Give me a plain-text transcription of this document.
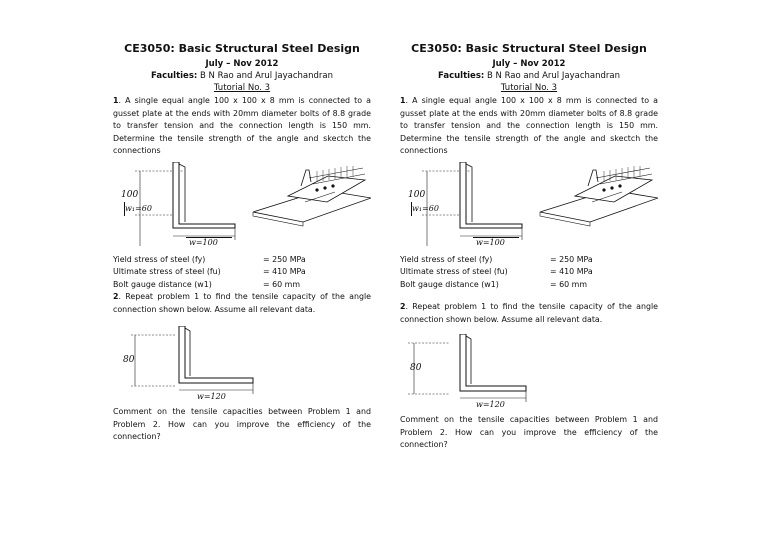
CE3050: Basic Structural Steel Design
July – Nov 2012
Faculties: B N Rao and Arul Jayachandran
Tutorial No. 3

1. A single equal angle 100 x 100 x 8 mm is connected to a gusset plate at the ends with 20mm diameter bolts of 8.8 grade to transfer tension and the connection length is 150 mm. Determine the tensile strength of the angle and skectch the connections

100
w₁=60
w=100
Yield stress of steel (fy)	= 250 MPa
Ultimate stress of steel (fu)	= 410 MPa
Bolt gauge distance (w1)	= 60 mm

2. Repeat problem 1 to find the tensile capacity of the angle connection shown below. Assume all relevant data.

80
w=120

Comment on the tensile capacities between Problem 1 and Problem 2. How can you improve the efficiency of the connection?

CE3050: Basic Structural Steel Design
July – Nov 2012
Faculties: B N Rao and Arul Jayachandran
Tutorial No. 3

1. A single equal angle 100 x 100 x 8 mm is connected to a gusset plate at the ends with 20mm diameter bolts of 8.8 grade to transfer tension and the connection length is 150 mm. Determine the tensile strength of the angle and skectch the connections

100
w₁=60
w=100
Yield stress of steel (fy)	= 250 MPa
Ultimate stress of steel (fu)	= 410 MPa
Bolt gauge distance (w1)	= 60 mm

2. Repeat problem 1 to find the tensile capacity of the angle connection shown below. Assume all relevant data.

80
w=120

Comment on the tensile capacities between Problem 1 and Problem 2. How can you improve the efficiency of the connection?
